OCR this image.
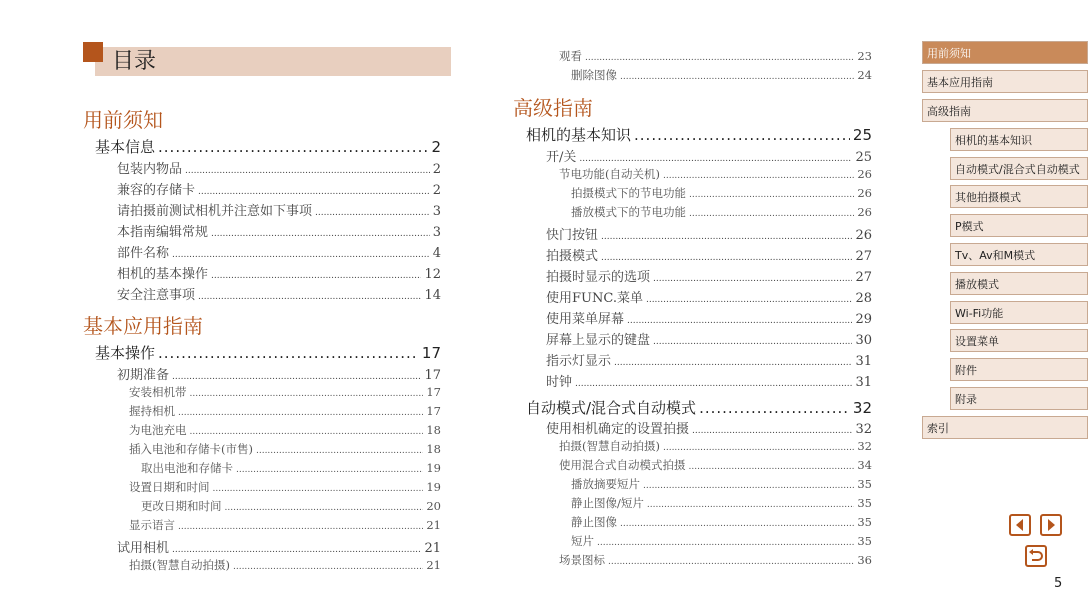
目录
用前须知
基本应用指南
高级指南
基本信息 .....	2
包装内物品 .....	2
兼容的存储卡 .....	2
请拍摄前测试相机并注意如下事项 .....	3
本指南编辑常规 .....	3
部件名称 .....	4
相机的基本操作 .....	12
安全注意事项 .....	14
基本操作 .....	17
初期准备 .....	17
安装相机带 .....	17
握持相机 .....	17
为电池充电 .....	18
插入电池和存储卡(市售) .....	18
取出电池和存储卡 .....	19
设置日期和时间 .....	19
更改日期和时间 .....	20
显示语言 .....	21
试用相机 .....	21
拍摄(智慧自动拍摄) .....	21
观看 .....	23
删除图像 .....	24
相机的基本知识 .....	25
开/关 .....	25
节电功能(自动关机) .....	26
拍摄模式下的节电功能 .....	26
播放模式下的节电功能 .....	26
快门按钮 .....	26
拍摄模式 .....	27
拍摄时显示的选项 .....	27
使用FUNC.菜单 .....	28
使用菜单屏幕 .....	29
屏幕上显示的键盘 .....	30
指示灯显示 .....	31
时钟 .....	31
自动模式/混合式自动模式 .....	32
使用相机确定的设置拍摄 .....	32
拍摄(智慧自动拍摄) .....	32
使用混合式自动模式拍摄 .....	34
播放摘要短片 .....	35
静止图像/短片 .....	35
静止图像 .....	35
短片 .....	35
场景图标 .....	36
用前须知
基本应用指南
高级指南
相机的基本知识
自动模式/混合式自动模式
其他拍摄模式
P模式
Tv、Av和M模式
播放模式
Wi-Fi功能
设置菜单
附件
附录
索引
5
